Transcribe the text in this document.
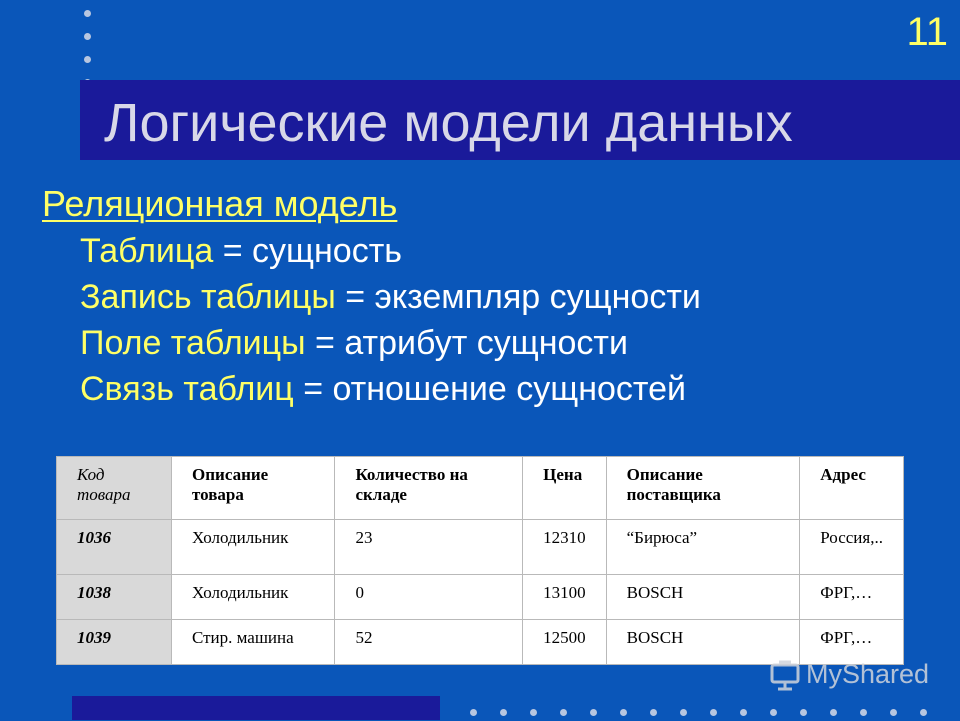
11
Логические модели данных
Реляционная модель
Таблица = сущность
Запись таблицы = экземпляр сущности
Поле таблицы = атрибут сущности
Связь таблиц = отношение сущностей
Код товара	Описание товара	Количество на складе	Цена	Описание поставщика	Адрес
1036	Холодильник	23	12310	“Бирюса”	Россия,..
1038	Холодильник	0	13100	BOSCH	ФРГ,…
1039	Стир. машина	52	12500	BOSCH	ФРГ,…
MyShared
